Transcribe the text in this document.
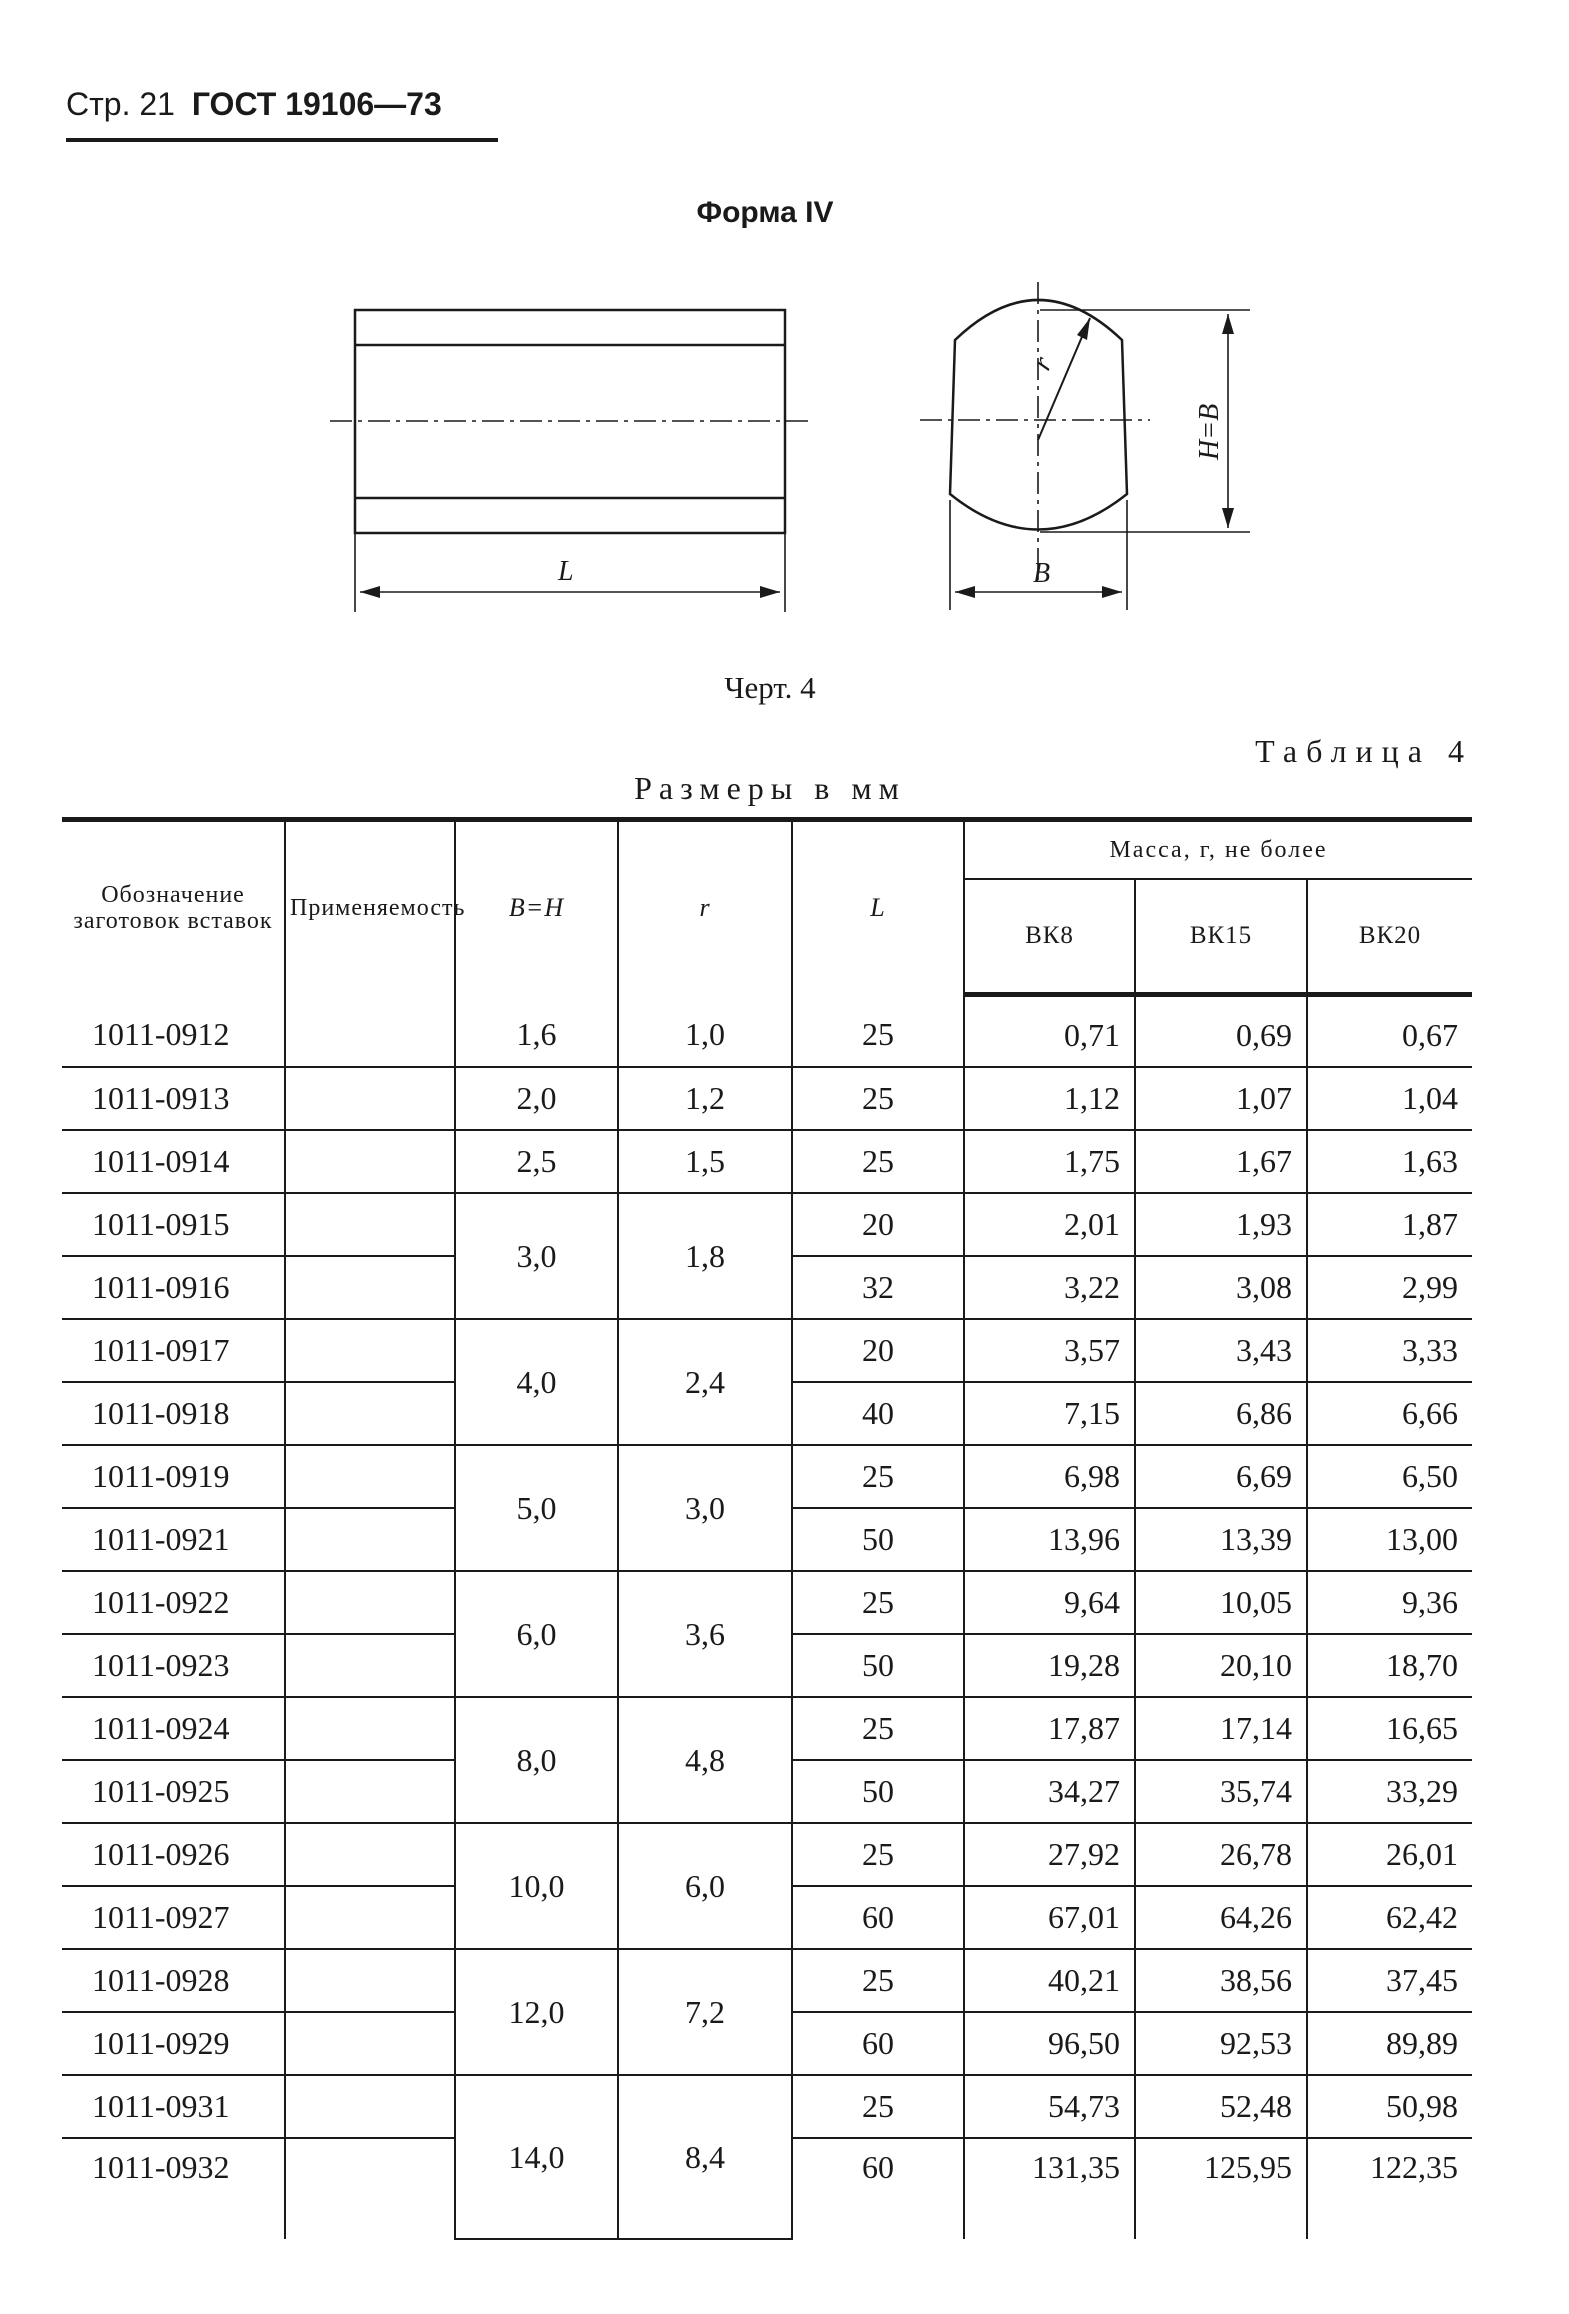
Стр. 21 ГОСТ 19106—73
Форма IV
L	B
H=B
r
Черт. 4
Таблица 4
Размеры в мм
Обозначение заготовок вставок	Применяемость	B=H	r	L	Масса, г, не более		
					ВК8	ВК15	ВК20
1011-0912		1,6	1,0	25	0,71	0,69	0,67
1011-0913		2,0	1,2	25	1,12	1,07	1,04
1011-0914		2,5	1,5	25	1,75	1,67	1,63
1011-0915		3,0	1,8	20	2,01	1,93	1,87
1011-0916				32	3,22	3,08	2,99
1011-0917		4,0	2,4	20	3,57	3,43	3,33
1011-0918				40	7,15	6,86	6,66
1011-0919		5,0	3,0	25	6,98	6,69	6,50
1011-0921				50	13,96	13,39	13,00
1011-0922		6,0	3,6	25	9,64	10,05	9,36
1011-0923				50	19,28	20,10	18,70
1011-0924		8,0	4,8	25	17,87	17,14	16,65
1011-0925				50	34,27	35,74	33,29
1011-0926		10,0	6,0	25	27,92	26,78	26,01
1011-0927				60	67,01	64,26	62,42
1011-0928		12,0	7,2	25	40,21	38,56	37,45
1011-0929				60	96,50	92,53	89,89
1011-0931		14,0	8,4	25	54,73	52,48	50,98
1011-0932				60	131,35	125,95	122,35
